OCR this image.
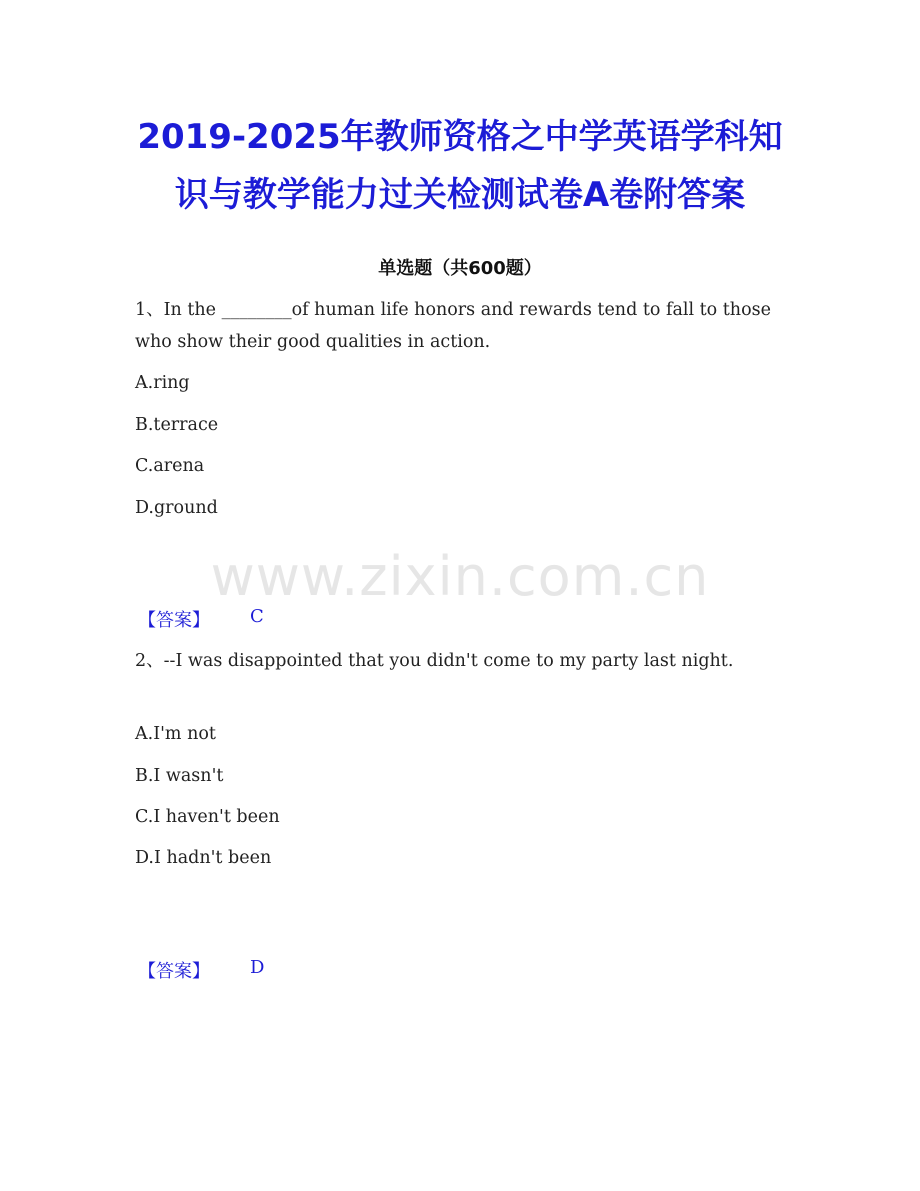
2019-2025年教师资格之中学英语学科知
识与教学能力过关检测试卷A卷附答案
单选题（共600题）
1、In the ________of human life honors and rewards tend to fall to those who show their good qualities in action.
A.ring
B.terrace
C.arena
D.ground
www.zixin.com.cn
【答案】 C
2、--I was disappointed that you didn't come to my party last night.
A.I'm not
B.I wasn't
C.I haven't been
D.I hadn't been
【答案】 D
